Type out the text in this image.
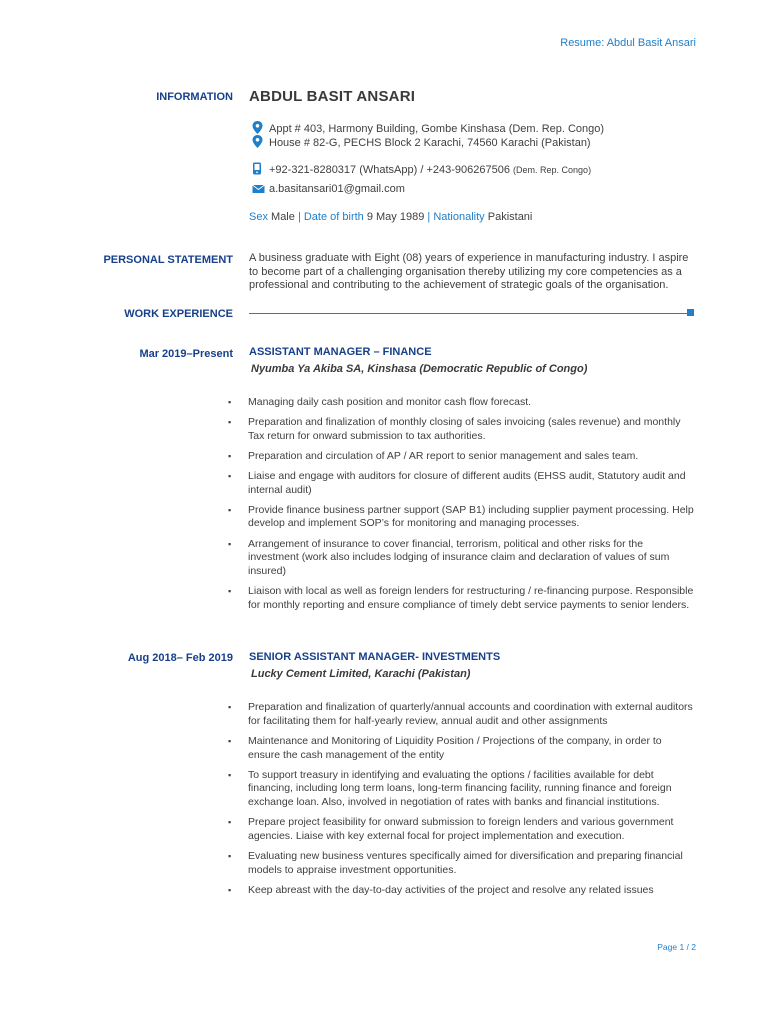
Resume: Abdul Basit Ansari
INFORMATION ABDUL BASIT ANSARI
Appt # 403, Harmony Building, Gombe Kinshasa (Dem. Rep. Congo)
House # 82-G, PECHS Block 2 Karachi, 74560 Karachi (Pakistan)
+92-321-8280317 (WhatsApp) / +243-906267506 (Dem. Rep. Congo)
a.basitansari01@gmail.com
Sex Male | Date of birth 9 May 1989 | Nationality Pakistani
PERSONAL STATEMENT A business graduate with Eight (08) years of experience in manufacturing industry. I aspire to become part of a challenging organisation thereby utilizing my core competencies as a professional and contributing to the achievement of strategic goals of the organisation.
WORK EXPERIENCE
Mar 2019–Present ASSISTANT MANAGER – FINANCE
Nyumba Ya Akiba SA, Kinshasa (Democratic Republic of Congo)
▪ Managing daily cash position and monitor cash flow forecast.
▪ Preparation and finalization of monthly closing of sales invoicing (sales revenue) and monthly Tax return for onward submission to tax authorities.
▪ Preparation and circulation of AP / AR report to senior management and sales team.
▪ Liaise and engage with auditors for closure of different audits (EHSS audit, Statutory audit and internal audit)
▪ Provide finance business partner support (SAP B1) including supplier payment processing. Help develop and implement SOP’s for monitoring and managing processes.
▪ Arrangement of insurance to cover financial, terrorism, political and other risks for the investment (work also includes lodging of insurance claim and declaration of values of sum insured)
▪ Liaison with local as well as foreign lenders for restructuring / re-financing purpose. Responsible for monthly reporting and ensure compliance of timely debt service payments to senior lenders.
Aug 2018– Feb 2019 SENIOR ASSISTANT MANAGER- INVESTMENTS
Lucky Cement Limited, Karachi (Pakistan)
▪ Preparation and finalization of quarterly/annual accounts and coordination with external auditors for facilitating them for half-yearly review, annual audit and other assignments
▪ Maintenance and Monitoring of Liquidity Position / Projections of the company, in order to ensure the cash management of the entity
▪ To support treasury in identifying and evaluating the options / facilities available for debt financing, including long term loans, long-term financing facility, running finance and foreign exchange loan. Also, involved in negotiation of rates with banks and financial institutions.
▪ Prepare project feasibility for onward submission to foreign lenders and various government agencies. Liaise with key external focal for project implementation and execution.
▪ Evaluating new business ventures specifically aimed for diversification and preparing financial models to appraise investment opportunities.
▪ Keep abreast with the day-to-day activities of the project and resolve any related issues
Page 1 / 2
